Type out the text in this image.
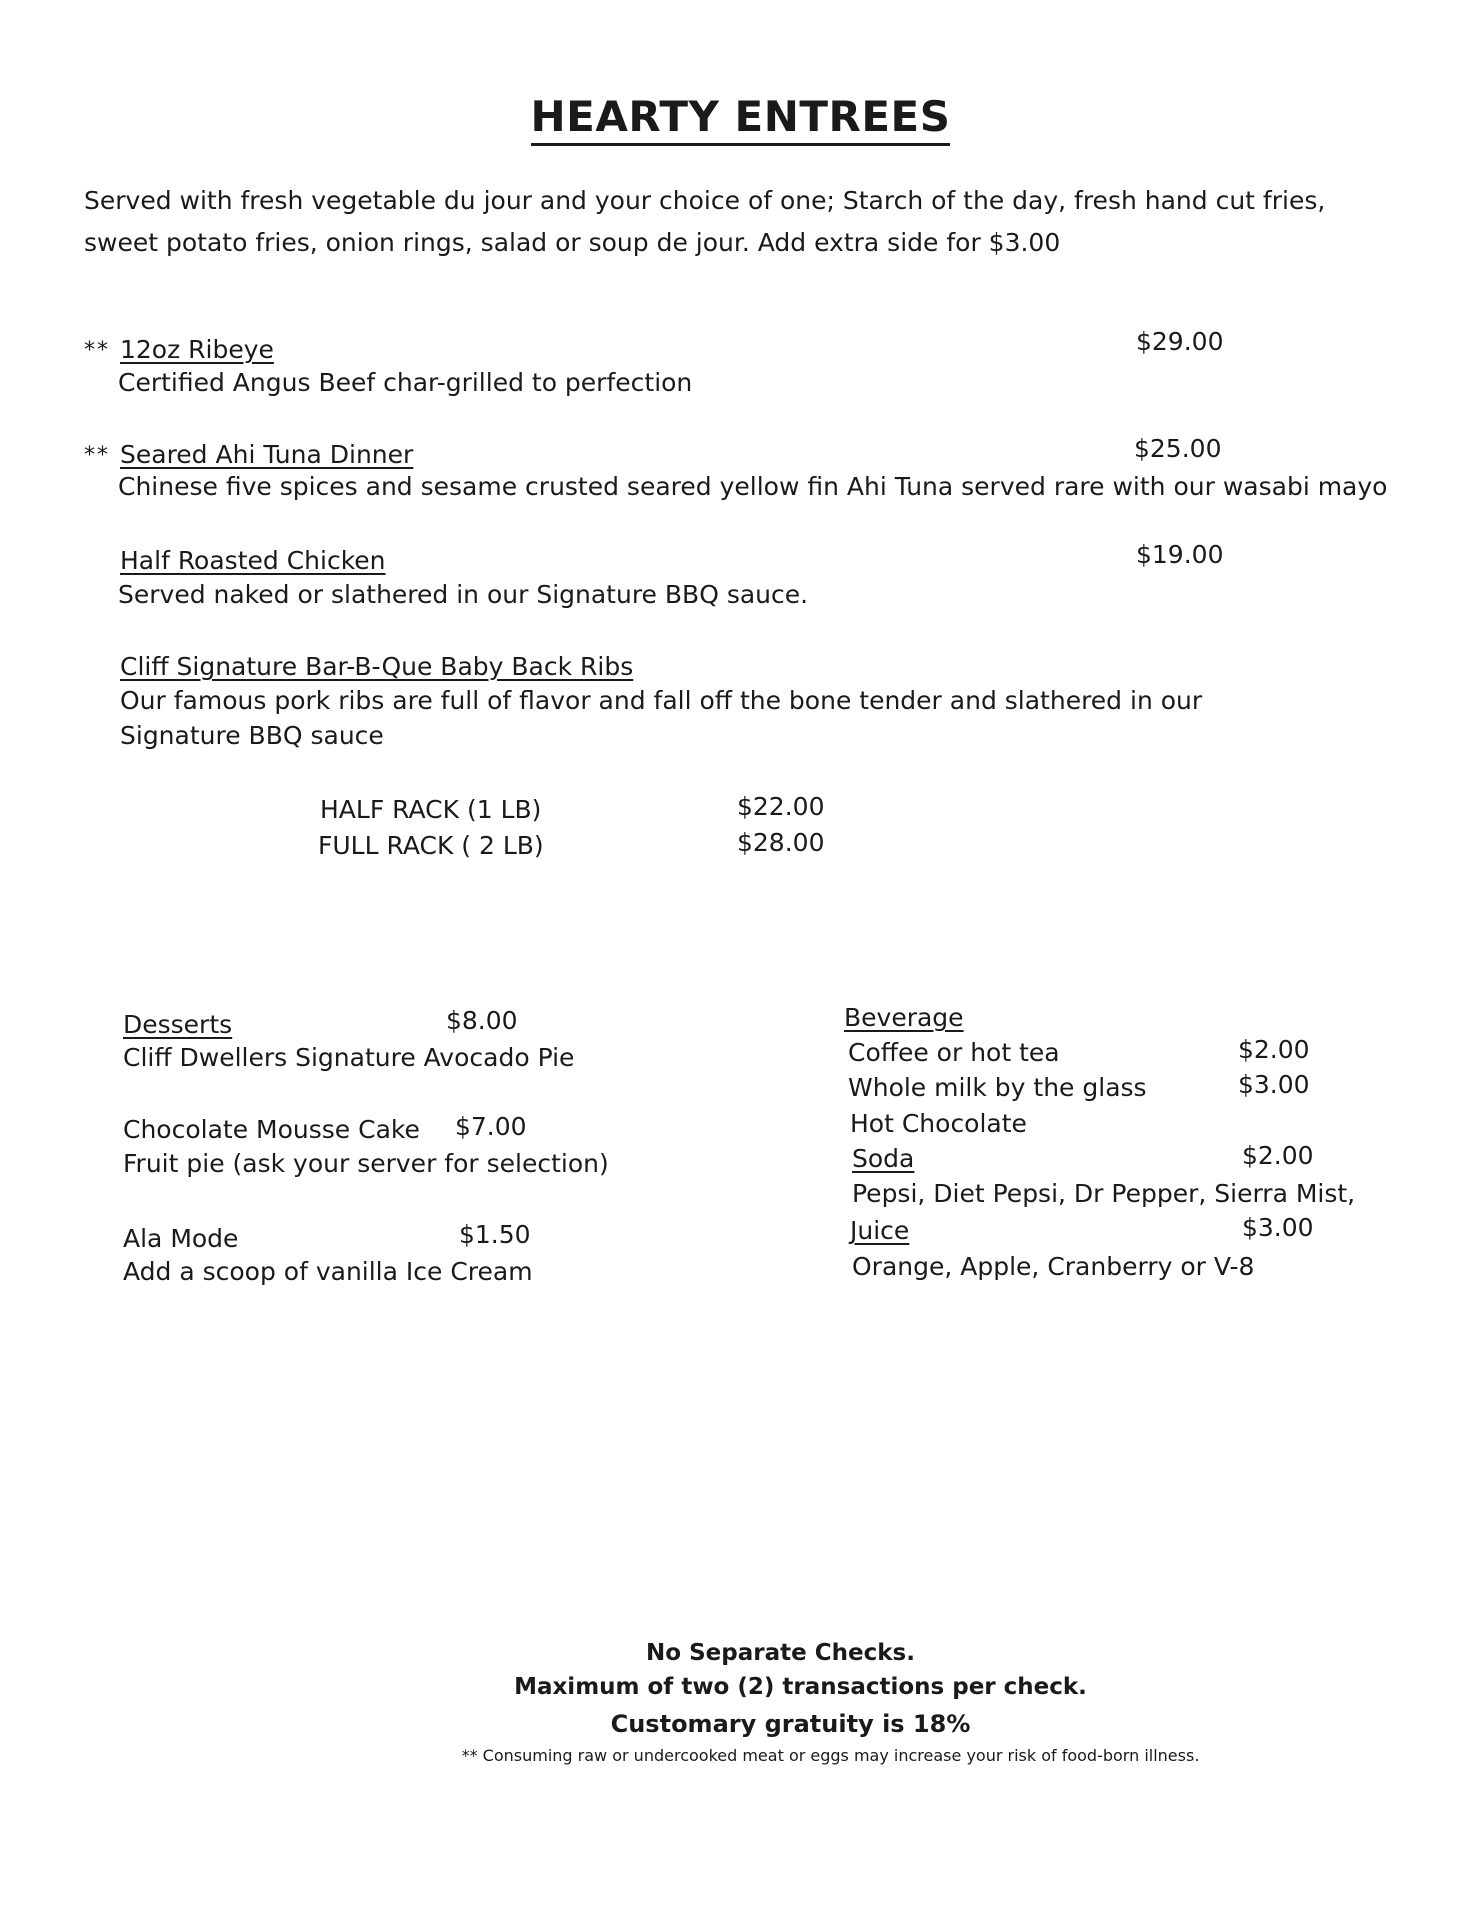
HEARTY ENTREES
Served with fresh vegetable du jour and your choice of one; Starch of the day, fresh hand cut fries, sweet potato fries, onion rings, salad or soup de jour. Add extra side for $3.00
** 12oz Ribeye	$29.00
Certified Angus Beef char-grilled to perfection
** Seared Ahi Tuna Dinner	$25.00
Chinese five spices and sesame crusted seared yellow fin Ahi Tuna served rare with our wasabi mayo
Half Roasted Chicken	$19.00
Served naked or slathered in our Signature BBQ sauce.
Cliff Signature Bar-B-Que Baby Back Ribs
Our famous pork ribs are full of flavor and fall off the bone tender and slathered in our
Signature BBQ sauce
HALF RACK (1 LB)	$22.00
FULL RACK ( 2 LB)	$28.00
Desserts	$8.00
Cliff Dwellers Signature Avocado Pie
Chocolate Mousse Cake $7.00
Fruit pie (ask your server for selection)
Ala Mode	$1.50
Add a scoop of vanilla Ice Cream
Beverage
Coffee or hot tea	$2.00
Whole milk by the glass	$3.00
Hot Chocolate
Soda	$2.00
Pepsi, Diet Pepsi, Dr Pepper, Sierra Mist,
Juice	$3.00
Orange, Apple, Cranberry or V-8
No Separate Checks.
Maximum of two (2) transactions per check.
Customary gratuity is 18%
** Consuming raw or undercooked meat or eggs may increase your risk of food-born illness.
